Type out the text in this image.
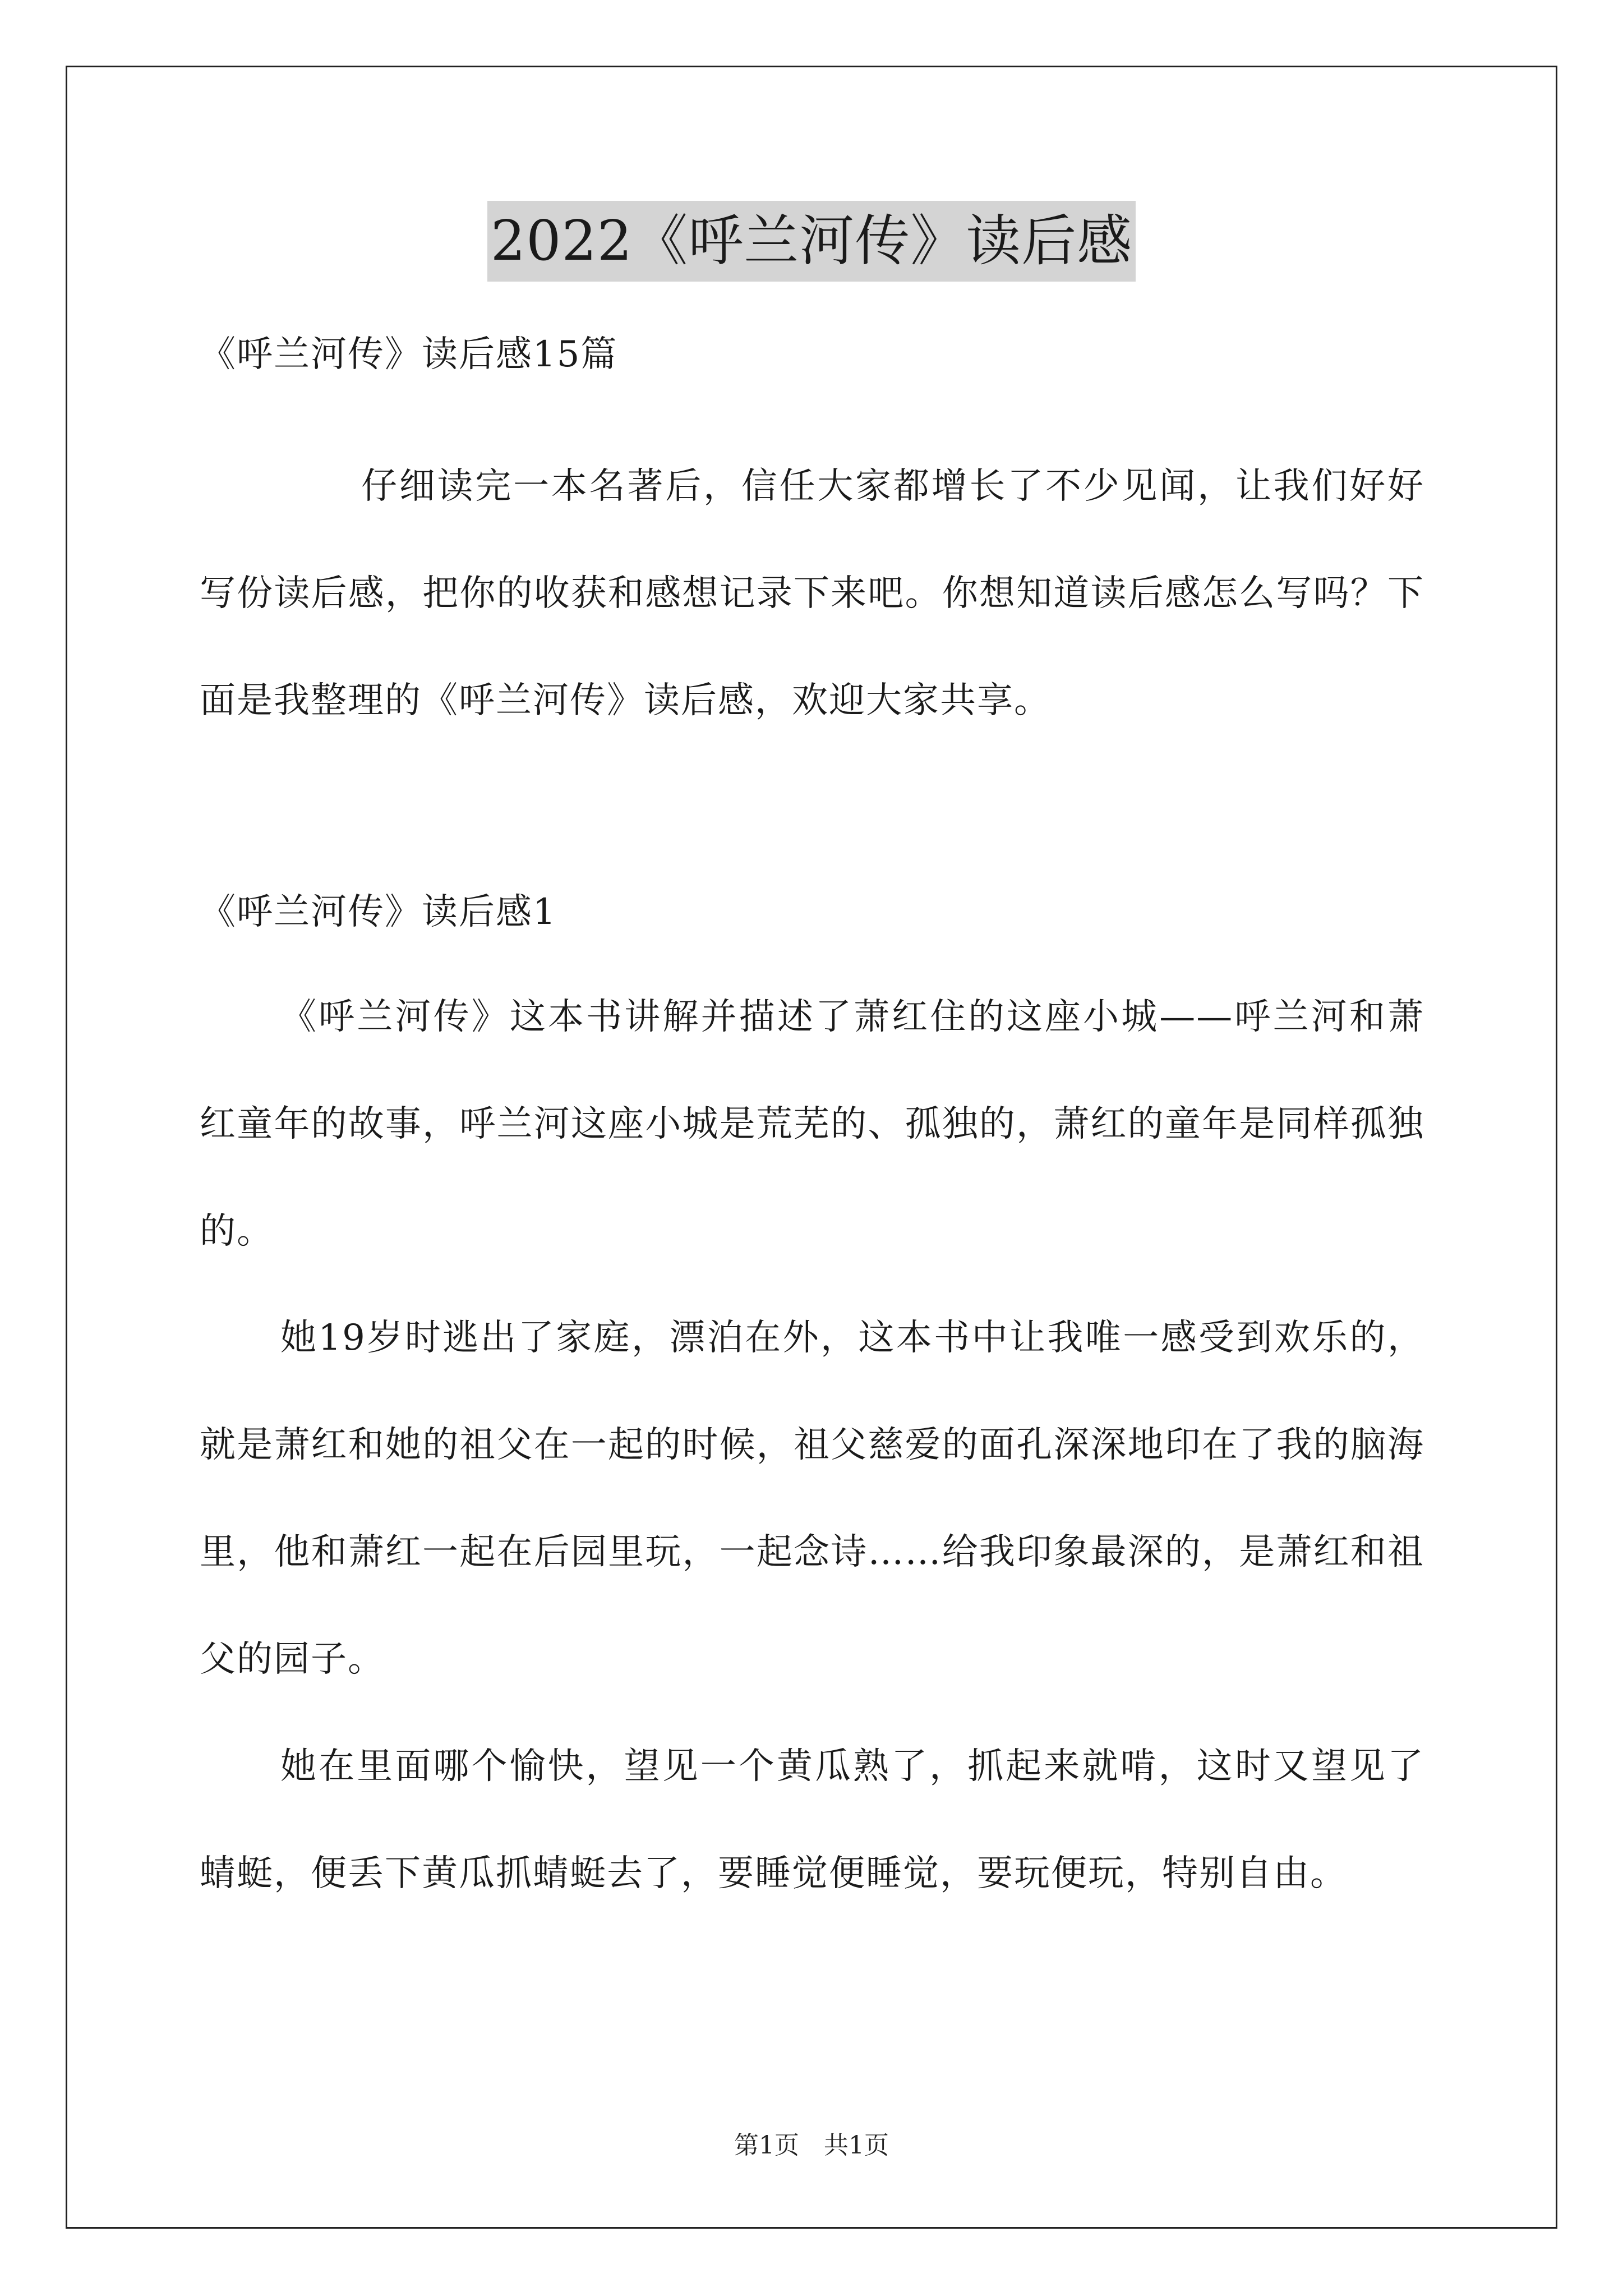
2022《呼兰河传》读后感
《呼兰河传》读后感15篇
仔细读完一本名著后，信任大家都增长了不少见闻，让我们好好写份读后感，把你的收获和感想记录下来吧。你想知道读后感怎么写吗？下面是我整理的《呼兰河传》读后感，欢迎大家共享。
《呼兰河传》读后感1
《呼兰河传》这本书讲解并描述了萧红住的这座小城——呼兰河和萧红童年的故事，呼兰河这座小城是荒芜的、孤独的，萧红的童年是同样孤独的。
她19岁时逃出了家庭，漂泊在外，这本书中让我唯一感受到欢乐的，就是萧红和她的祖父在一起的时候，祖父慈爱的面孔深深地印在了我的脑海里，他和萧红一起在后园里玩，一起念诗……给我印象最深的，是萧红和祖父的园子。
她在里面哪个愉快，望见一个黄瓜熟了，抓起来就啃，这时又望见了蜻蜓，便丢下黄瓜抓蜻蜓去了，要睡觉便睡觉，要玩便玩，特别自由。
第1页　共1页
